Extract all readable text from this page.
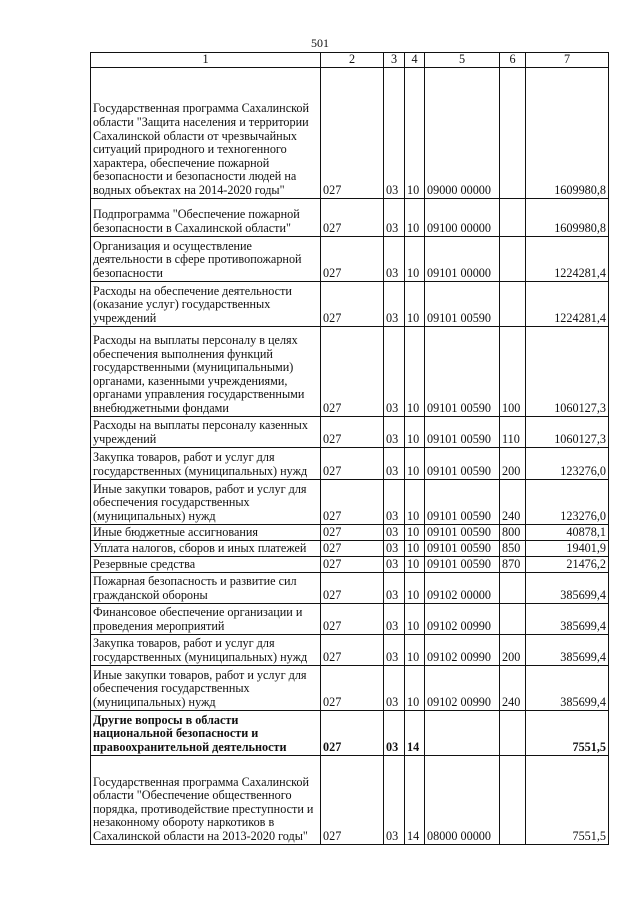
501
1	2	3	4	5	6	7
Государственная программа Сахалинской области "Защита населения и территории Сахалинской области от чрезвычайных ситуаций природного и техногенного характера, обеспечение пожарной безопасности и безопасности людей на водных объектах на 2014-2020 годы"	027	03	10	09000 00000		1609980,8
Подпрограмма "Обеспечение пожарной безопасности в Сахалинской области"	027	03	10	09100 00000		1609980,8
Организация и осуществление деятельности в сфере противопожарной безопасности	027	03	10	09101 00000		1224281,4
Расходы на обеспечение деятельности (оказание услуг) государственных учреждений	027	03	10	09101 00590		1224281,4
Расходы на выплаты персоналу в целях обеспечения выполнения функций государственными (муниципальными) органами, казенными учреждениями, органами управления государственными внебюджетными фондами	027	03	10	09101 00590	100	1060127,3
Расходы на выплаты персоналу казенных учреждений	027	03	10	09101 00590	110	1060127,3
Закупка товаров, работ и услуг для государственных (муниципальных) нужд	027	03	10	09101 00590	200	123276,0
Иные закупки товаров, работ и услуг для обеспечения государственных (муниципальных) нужд	027	03	10	09101 00590	240	123276,0
Иные бюджетные ассигнования	027	03	10	09101 00590	800	40878,1
Уплата налогов, сборов и иных платежей	027	03	10	09101 00590	850	19401,9
Резервные средства	027	03	10	09101 00590	870	21476,2
Пожарная безопасность и развитие сил гражданской обороны	027	03	10	09102 00000		385699,4
Финансовое обеспечение организации и проведения мероприятий	027	03	10	09102 00990		385699,4
Закупка товаров, работ и услуг для государственных (муниципальных) нужд	027	03	10	09102 00990	200	385699,4
Иные закупки товаров, работ и услуг для обеспечения государственных (муниципальных) нужд	027	03	10	09102 00990	240	385699,4
Другие вопросы в области национальной безопасности и правоохранительной деятельности	027	03	14			7551,5
Государственная программа Сахалинской области "Обеспечение общественного порядка, противодействие преступности и незаконному обороту наркотиков в Сахалинской области на 2013-2020 годы"	027	03	14	08000 00000		7551,5
